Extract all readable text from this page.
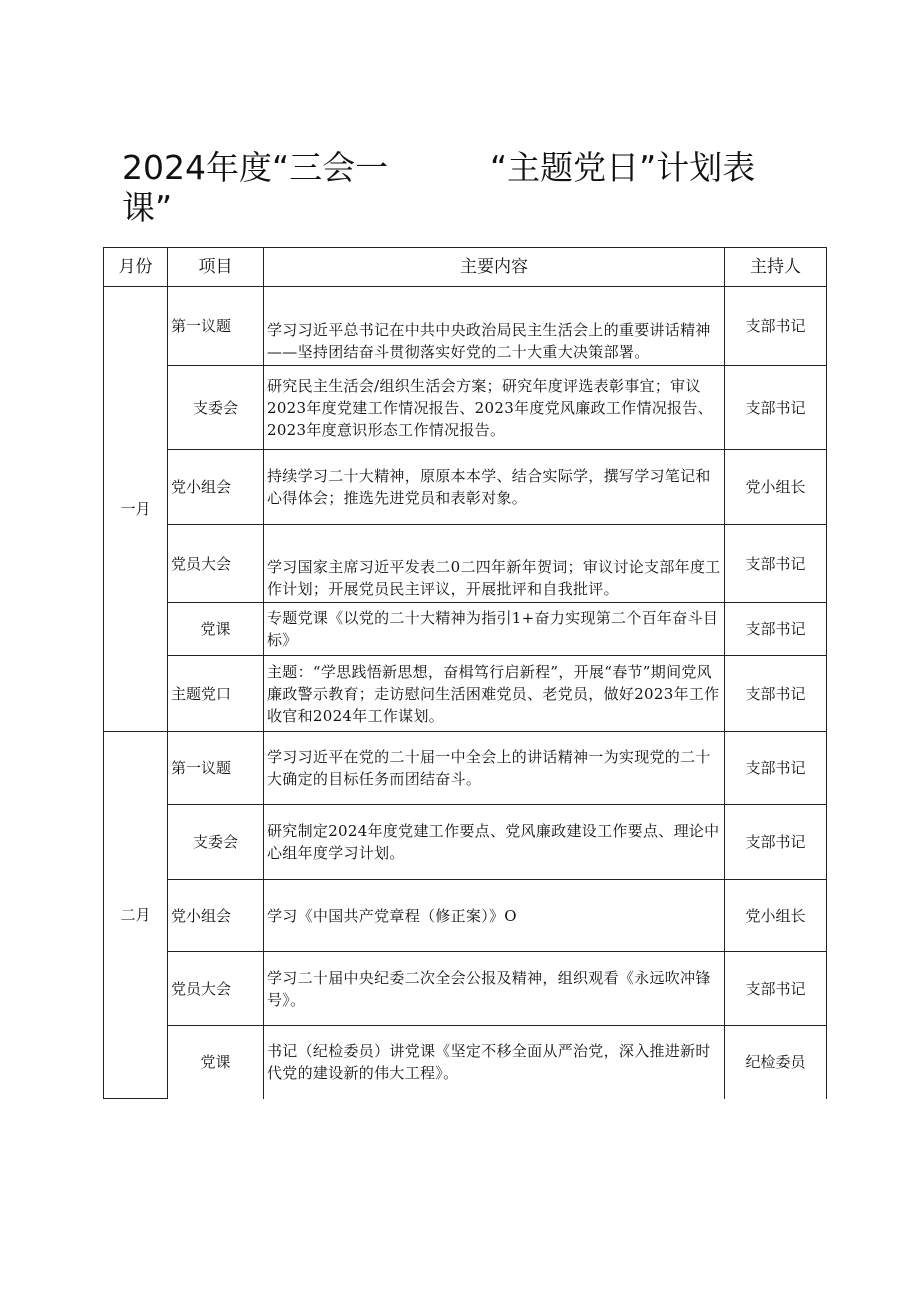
2024年度“三会一	“主题党日”计划表
课”
月份	项目	主要内容	主持人
一月	第一议题	学习习近平总书记在中共中央政治局民主生活会上的重要讲话精神——坚持团结奋斗贯彻落实好党的二十大重大决策部署。	支部书记
	支委会	研究民主生活会/组织生活会方案；研究年度评选表彰事宜；审议2023年度党建工作情况报告、2023年度党风廉政工作情况报告、2023年度意识形态工作情况报告。	支部书记
	党小组会	持续学习二十大精神，原原本本学、结合实际学，撰写学习笔记和心得体会；推选先进党员和表彰对象。	党小组长
	党员大会	学习国家主席习近平发表二0二四年新年贺词；审议讨论支部年度工作计划；开展党员民主评议，开展批评和自我批评。	支部书记
	党课	专题党课《以党的二十大精神为指引1+奋力实现第二个百年奋斗目标》	支部书记
	主题党口	主题：“学思践悟新思想，奋楫笃行启新程”，开展“春节”期间党风廉政警示教育；走访慰问生活困难党员、老党员，做好2023年工作收官和2024年工作谋划。	支部书记
二月	第一议题	学习习近平在党的二十届一中全会上的讲话精神一为实现党的二十大确定的目标任务而团结奋斗。	支部书记
	支委会	研究制定2024年度党建工作要点、党风廉政建设工作要点、理论中心组年度学习计划。	支部书记
	党小组会	学习《中国共产党章程（修正案）》O	党小组长
	党员大会	学习二十届中央纪委二次全会公报及精神，组织观看《永远吹冲锋号》。	支部书记
	党课	书记（纪检委员）讲党课《坚定不移全面从严治党，深入推进新时代党的建设新的伟大工程》。	纪检委员
